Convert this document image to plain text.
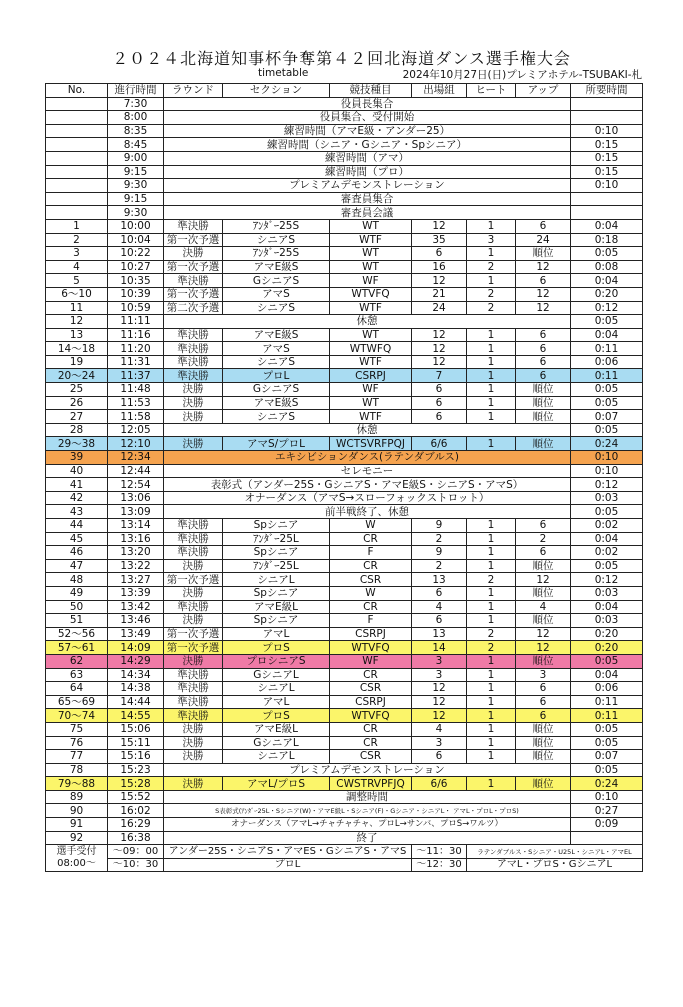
２０２４北海道知事杯争奪第４２回北海道ダンス選手権大会
timetable	2024年10月27日(日)プレミアホテル-TSUBAKI-札
No.	進行時間	ラウンド	セクション	競技種目	出場組	ヒート	アップ	所要時間
	7:30	役員長集合						
	8:00	役員集合、受付開始						
	8:35	練習時間（アマE級・アンダー25）						0:10
	8:45	練習時間（シニア・Gシニア・Spシニア）						0:15
	9:00	練習時間（アマ）						0:15
	9:15	練習時間（プロ）						0:15
	9:30	プレミアムデモンストレーション						0:10
	9:15	審査員集合						
	9:30	審査員会議						
1	10:00	準決勝	ｱﾝﾀﾞｰ25S	WT	12	1	6	0:04
2	10:04	第一次予選	シニアS	WTF	35	3	24	0:18
3	10:22	決勝	ｱﾝﾀﾞｰ25S	WT	6	1	順位	0:05
4	10:27	第一次予選	アマE級S	WT	16	2	12	0:08
5	10:35	準決勝	GシニアS	WF	12	1	6	0:04
6〜10	10:39	第一次予選	アマS	WTVFQ	21	2	12	0:20
11	10:59	第二次予選	シニアS	WTF	24	2	12	0:12
12	11:11	休憩						0:05
13	11:16	準決勝	アマE級S	WT	12	1	6	0:04
14〜18	11:20	準決勝	アマS	WTWFQ	12	1	6	0:11
19	11:31	準決勝	シニアS	WTF	12	1	6	0:06
20〜24	11:37	準決勝	プロL	CSRPJ	7	1	6	0:11
25	11:48	決勝	GシニアS	WF	6	1	順位	0:05
26	11:53	決勝	アマE級S	WT	6	1	順位	0:05
27	11:58	決勝	シニアS	WTF	6	1	順位	0:07
28	12:05	休憩						0:05
29〜38	12:10	決勝	アマS/プロL	WCTSVRFPQJ	6/6	1	順位	0:24
39	12:34	エキシビションダンス(ラテンダブルス)						0:10
40	12:44	セレモニー						0:10
41	12:54	表彰式（アンダー25S・GシニアS・アマE級S・シニアS・アマS）						0:12
42	13:06	オナーダンス（アマS→スローフォックストロット）						0:03
43	13:09	前半戦終了、休憩						0:05
44	13:14	準決勝	Spシニア	W	9	1	6	0:02
45	13:16	準決勝	ｱﾝﾀﾞｰ25L	CR	2	1	2	0:04
46	13:20	準決勝	Spシニア	F	9	1	6	0:02
47	13:22	決勝	ｱﾝﾀﾞｰ25L	CR	2	1	順位	0:05
48	13:27	第一次予選	シニアL	CSR	13	2	12	0:12
49	13:39	決勝	Spシニア	W	6	1	順位	0:03
50	13:42	準決勝	アマE級L	CR	4	1	4	0:04
51	13:46	決勝	Spシニア	F	6	1	順位	0:03
52〜56	13:49	第一次予選	アマL	CSRPJ	13	2	12	0:20
57〜61	14:09	第一次予選	プロS	WTVFQ	14	2	12	0:20
62	14:29	決勝	プロシニアS	WF	3	1	順位	0:05
63	14:34	準決勝	GシニアL	CR	3	1	3	0:04
64	14:38	準決勝	シニアL	CSR	12	1	6	0:06
65〜69	14:44	準決勝	アマL	CSRPJ	12	1	6	0:11
70〜74	14:55	準決勝	プロS	WTVFQ	12	1	6	0:11
75	15:06	決勝	アマE級L	CR	4	1	順位	0:05
76	15:11	決勝	GシニアL	CR	3	1	順位	0:05
77	15:16	決勝	シニアL	CSR	6	1	順位	0:07
78	15:23	プレミアムデモンストレーション						0:05
79〜88	15:28	決勝	アマL/プロS	CWSTRVPFJQ	6/6	1	順位	0:24
89	15:52	調整時間						0:10
90	16:02	S表彰式(ｱﾝﾀﾞｰ25L・Sシニア(W)・アマE級L・Sシニア(F)・Gシニア・シニアL・ アマL・プロL・プロS)						0:27
91	16:29	オナーダンス（アマL→チャチャチャ、プロL→サンバ、プロS→ワルツ）						0:09
92	16:38	終了						

選手受付
08:00〜	〜09：00	アンダー25S・シニアS・アマES・GシニアS・アマS			〜11：30	ラテンダブルス・Sシニア・U25L・シニアL・アマEL		
	〜10：30	プロL			〜12：30	アマL・プロS・GシニアL		
